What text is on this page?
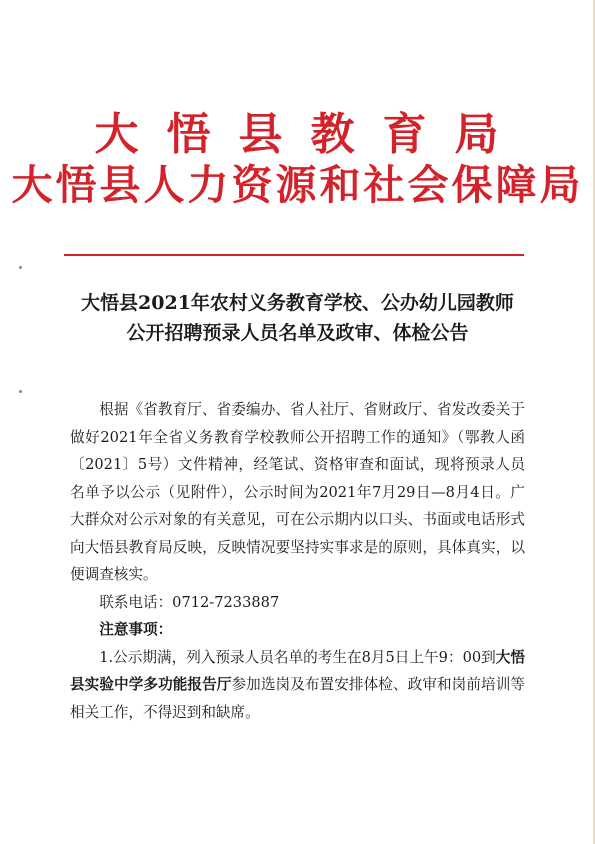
大悟县教育局
大悟县人力资源和社会保障局
大悟县2021年农村义务教育学校、公办幼儿园教师
公开招聘预录人员名单及政审、体检公告

根据《省教育厅、省委编办、省人社厅、省财政厅、省发改委关于做好2021年全省义务教育学校教师公开招聘工作的通知》（鄂教人函〔2021〕5号）文件精神，经笔试、资格审查和面试，现将预录人员名单予以公示（见附件），公示时间为2021年7月29日—8月4日。广大群众对公示对象的有关意见，可在公示期内以口头、书面或电话形式向大悟县教育局反映，反映情况要坚持实事求是的原则，具体真实，以便调查核实。

联系电话：0712-7233887

注意事项：

1.公示期满，列入预录人员名单的考生在8月5日上午9：00到大悟县实验中学多功能报告厅参加选岗及布置安排体检、政审和岗前培训等相关工作，不得迟到和缺席。
